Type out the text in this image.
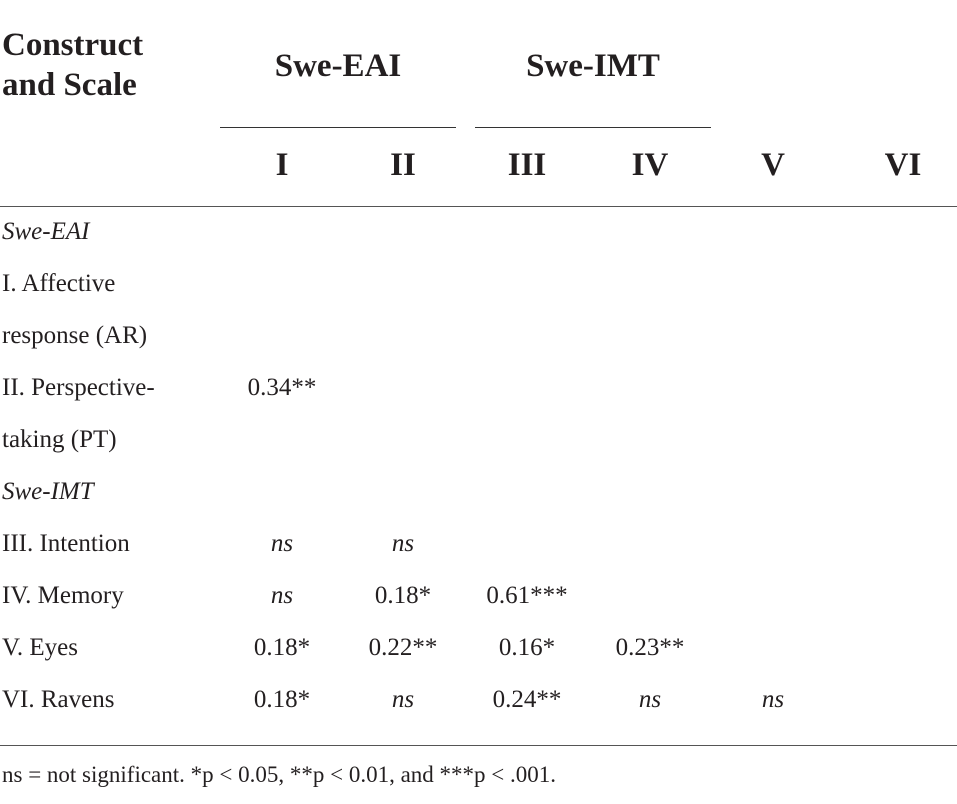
Construct and Scale
Swe-EAI	Swe-IMT
I	II	III	IV	V	VI
Swe-EAI
I. Affective
response (AR)
II. Perspective-	0.34**
taking (PT)
Swe-IMT
III. Intention	ns	ns
IV. Memory	ns	0.18*	0.61***
V. Eyes	0.18*	0.22**	0.16*	0.23**
VI. Ravens	0.18*	ns	0.24**	ns	ns
ns = not significant. *p < 0.05, **p < 0.01, and ***p < .001.
